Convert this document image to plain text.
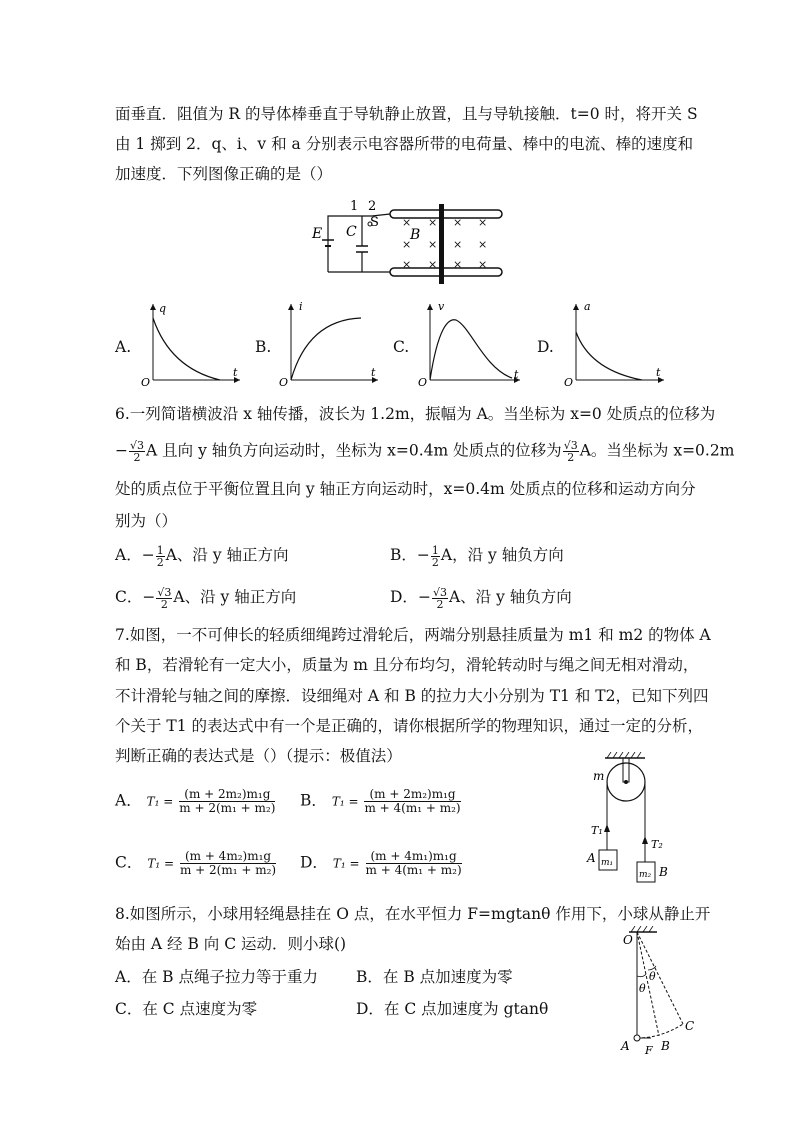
面垂直．阻值为 R 的导体棒垂直于导轨静止放置，且与导轨接触．t=0 时，将开关 S
由 1 掷到 2．q、i、v 和 a 分别表示电容器所带的电荷量、棒中的电流、棒的速度和
加速度．下列图像正确的是（）
× × × ×
× × × ×
× × × ×
E C	B
S
1 2
A.
q
t
O
B.
i
t
O
C.
v
t
O
D.
a
t
O
6.一列简谐横波沿 x 轴传播，波长为 1.2m，振幅为 A。当坐标为 x=0 处质点的位移为
− $\frac{√3}{2}$ A 且向 y 轴负方向运动时，坐标为 x=0.4m 处质点的位移为 $\frac{√3}{2}$ A。当坐标为 x=0.2m
处的质点位于平衡位置且向 y 轴正方向运动时，x=0.4m 处质点的位移和运动方向分
别为（）
A．− $\frac{1}{2}$ A、沿 y 轴正方向	B．− $\frac{1}{2}$ A，沿 y 轴负方向
C．− $\frac{√3}{2}$ A、沿 y 轴正方向	D．− $\frac{√3}{2}$ A、沿 y 轴负方向
7.如图，一不可伸长的轻质细绳跨过滑轮后，两端分别悬挂质量为 m1 和 m2 的物体 A
和 B，若滑轮有一定大小，质量为 m 且分布均匀，滑轮转动时与绳之间无相对滑动，
不计滑轮与轴之间的摩擦．设细绳对 A 和 B 的拉力大小分别为 T1 和 T2，已知下列四
个关于 T1 的表达式中有一个是正确的，请你根据所学的物理知识，通过一定的分析，
判断正确的表达式是（）（提示：极值法）
A． $T_1 = \frac{\text{(m + 2m₂)m₁g}}{\text{m + 2(m₁ + m₂)}}$ B． $T_1 = \frac{\text{(m + 2m₂)m₁g}}{\text{m + 4(m₁ + m₂)}}$
C． $T_1 = \frac{\text{(m + 4m₂)m₁g}}{\text{m + 2(m₁ + m₂)}}$ D． $T_1 = \frac{\text{(m + 4m₁)m₁g}}{\text{m + 4(m₁ + m₂)}}$
m
T₁
T₂
A
B
m₁
m₂
8.如图所示，小球用轻绳悬挂在 O 点，在水平恒力 F=mgtanθ 作用下，小球从静止开
始由 A 经 B 向 C 运动．则小球()
A．在 B 点绳子拉力等于重力 B．在 B 点加速度为零
C．在 C 点速度为零	D．在 C 点加速度为 gtanθ
O
A F B
C
θ
θ
